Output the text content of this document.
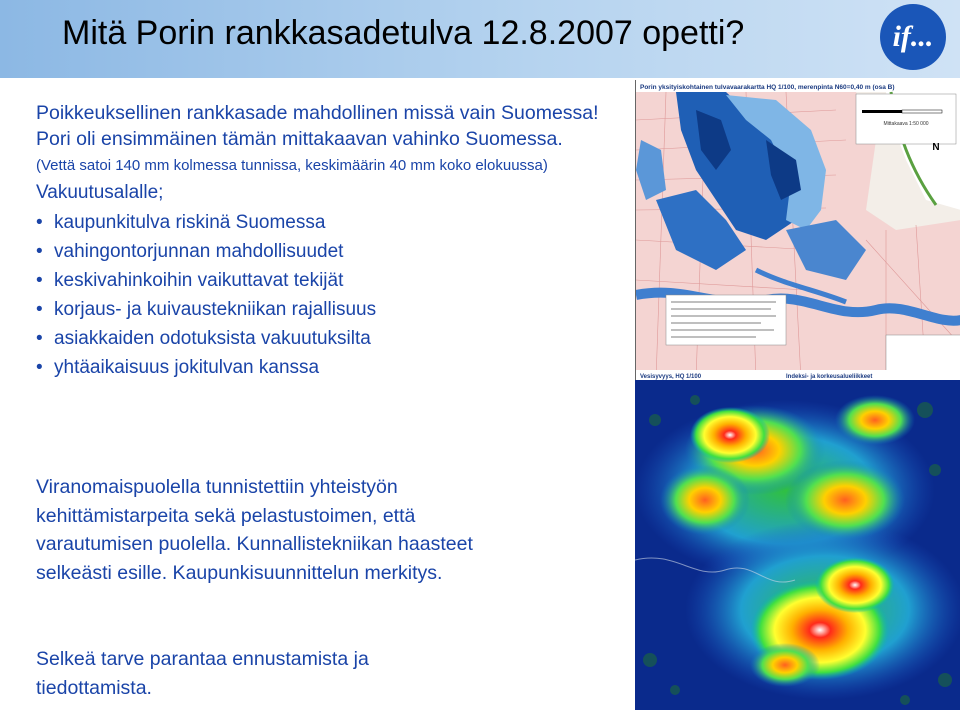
Mitä Porin rankkasadetulva 12.8.2007 opetti?	if...

Poikkeuksellinen rankkasade mahdollinen missä vain Suomessa! Pori oli ensimmäinen tämän mittakaavan vahinko Suomessa.

(Vettä satoi 140 mm kolmessa tunnissa, keskimäärin 40 mm koko elokuussa)

Vakuutusalalle;

• kaupunkitulva riskinä Suomessa
• vahingontorjunnan mahdollisuudet
• keskivahinkoihin vaikuttavat tekijät
• korjaus- ja kuivaustekniikan rajallisuus
• asiakkaiden odotuksista vakuutuksilta
• yhtäaikaisuus jokitulvan kanssa
Viranomaispuolella tunnistettiin yhteistyön kehittämistarpeita sekä pelastustoimen, että varautumisen puolella. Kunnallistekniikan haasteet selkeästi esille. Kaupunkisuunnittelun merkitys.
Selkeä tarve parantaa ennustamista ja tiedottamista.
Porin yksityiskohtainen tulvavaarakartta HQ 1/100, merenpinta N60=0,40 m (osa B)
Mittakaava 1:50 000
N
Vesisyvyys, HQ 1/100	Indeksi- ja korkeusalueliikkeet
